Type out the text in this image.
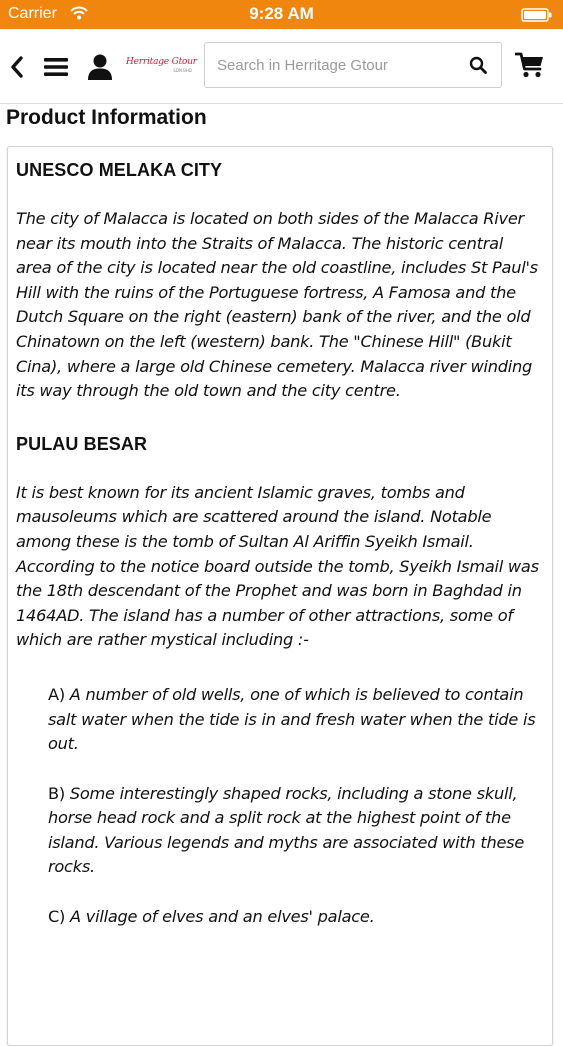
Carrier	9:28 AM
Herritage Gtour
SDN BHD
Search in Herritage Gtour
Product Information
UNESCO MELAKA CITY

The city of Malacca is located on both sides of the Malacca River near its mouth into the Straits of Malacca. The historic central area of the city is located near the old coastline, includes St Paul's Hill with the ruins of the Portuguese fortress, A Famosa and the Dutch Square on the right (eastern) bank of the river, and the old Chinatown on the left (western) bank. The "Chinese Hill" (Bukit Cina), where a large old Chinese cemetery. Malacca river winding its way through the old town and the city centre.

PULAU BESAR

It is best known for its ancient Islamic graves, tombs and mausoleums which are scattered around the island. Notable among these is the tomb of Sultan Al Ariffin Syeikh Ismail. According to the notice board outside the tomb, Syeikh Ismail was the 18th descendant of the Prophet and was born in Baghdad in 1464AD. The island has a number of other attractions, some of which are rather mystical including :-

A) A number of old wells, one of which is believed to contain salt water when the tide is in and fresh water when the tide is out.

B) Some interestingly shaped rocks, including a stone skull, horse head rock and a split rock at the highest point of the island. Various legends and myths are associated with these rocks.

C) A village of elves and an elves' palace.
